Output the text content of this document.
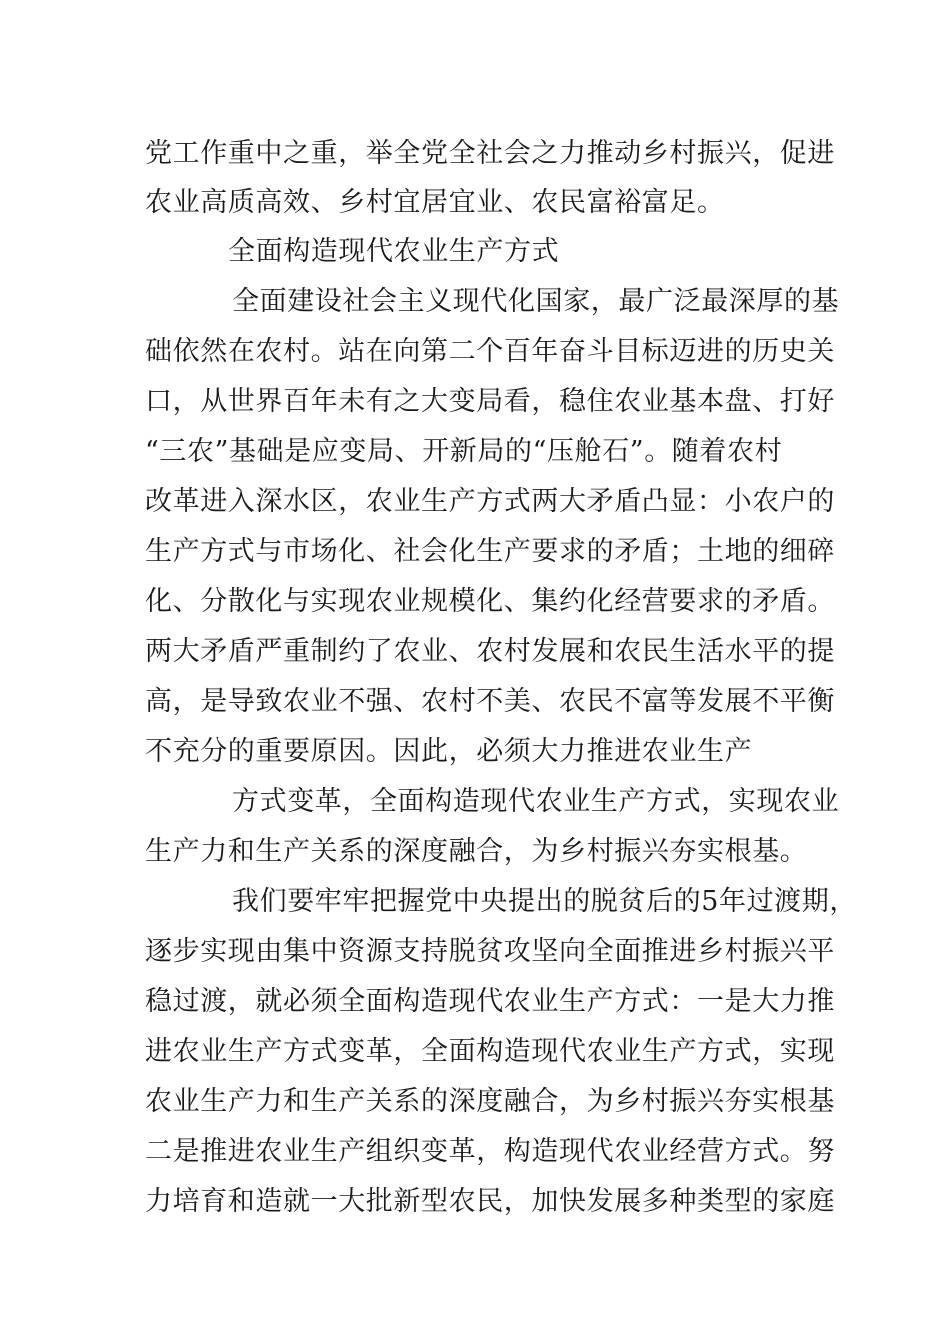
党工作重中之重，举全党全社会之力推动乡村振兴，促进
农业高质高效、乡村宜居宜业、农民富裕富足。
全面构造现代农业生产方式
全面建设社会主义现代化国家，最广泛最深厚的基
础依然在农村。站在向第二个百年奋斗目标迈进的历史关
口，从世界百年未有之大变局看，稳住农业基本盘、打好
“三农”基础是应变局、开新局的“压舱石”。随着农村
改革进入深水区，农业生产方式两大矛盾凸显：小农户的
生产方式与市场化、社会化生产要求的矛盾；土地的细碎
化、分散化与实现农业规模化、集约化经营要求的矛盾。
两大矛盾严重制约了农业、农村发展和农民生活水平的提
高，是导致农业不强、农村不美、农民不富等发展不平衡
不充分的重要原因。因此，必须大力推进农业生产
方式变革，全面构造现代农业生产方式，实现农业
生产力和生产关系的深度融合，为乡村振兴夯实根基。
我们要牢牢把握党中央提出的脱贫后的5年过渡期，
逐步实现由集中资源支持脱贫攻坚向全面推进乡村振兴平
稳过渡，就必须全面构造现代农业生产方式：一是大力推
进农业生产方式变革，全面构造现代农业生产方式，实现
农业生产力和生产关系的深度融合，为乡村振兴夯实根基
二是推进农业生产组织变革，构造现代农业经营方式。努
力培育和造就一大批新型农民，加快发展多种类型的家庭
